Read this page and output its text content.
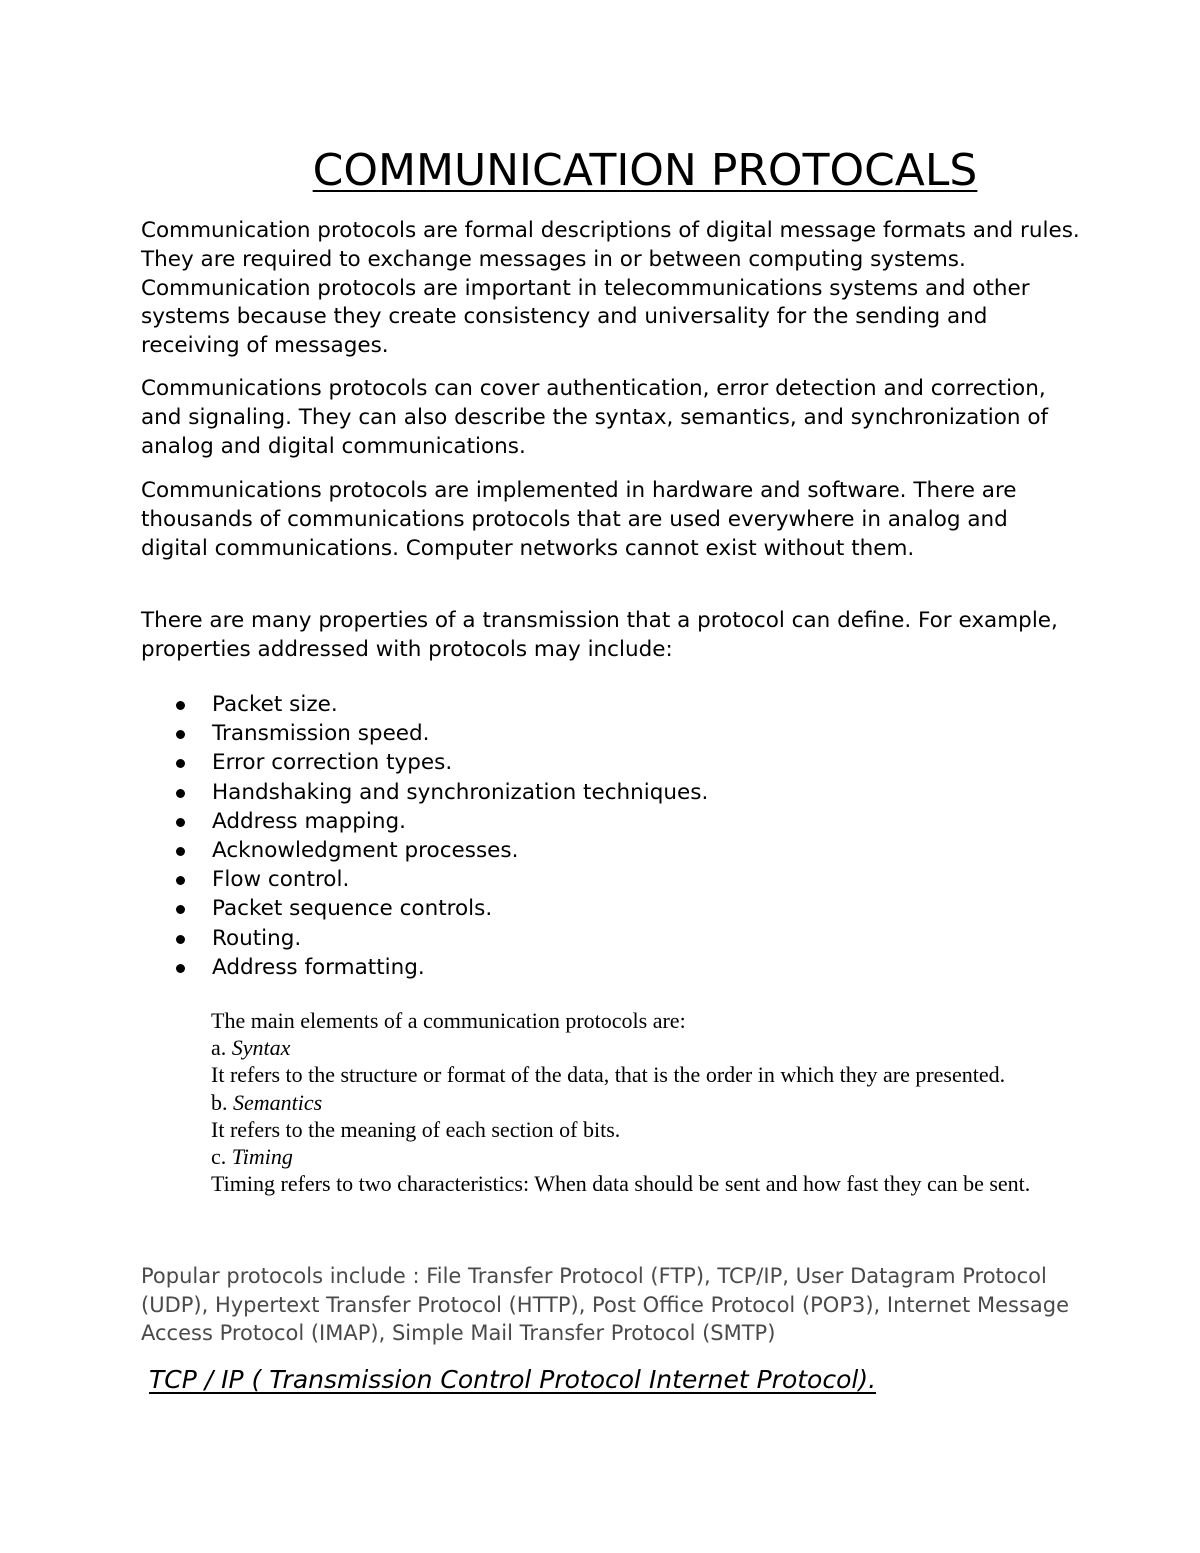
COMMUNICATION PROTOCALS

Communication protocols are formal descriptions of digital message formats and rules. They are required to exchange messages in or between computing systems. Communication protocols are important in telecommunications systems and other systems because they create consistency and universality for the sending and receiving of messages.

Communications protocols can cover authentication, error detection and correction, and signaling. They can also describe the syntax, semantics, and synchronization of analog and digital communications.

Communications protocols are implemented in hardware and software. There are thousands of communications protocols that are used everywhere in analog and digital communications. Computer networks cannot exist without them.

There are many properties of a transmission that a protocol can define. For example, properties addressed with protocols may include:

Packet size.
Transmission speed.
Error correction types.
Handshaking and synchronization techniques.
Address mapping.
Acknowledgment processes.
Flow control.
Packet sequence controls.
Routing.
Address formatting.
The main elements of a communication protocols are:
a. Syntax
It refers to the structure or format of the data, that is the order in which they are presented.
b. Semantics
It refers to the meaning of each section of bits.
c. Timing
Timing refers to two characteristics: When data should be sent and how fast they can be sent.

Popular protocols include : File Transfer Protocol (FTP), TCP/IP, User Datagram Protocol (UDP), Hypertext Transfer Protocol (HTTP), Post Office Protocol (POP3), Internet Message Access Protocol (IMAP), Simple Mail Transfer Protocol (SMTP)

TCP / IP ( Transmission Control Protocol Internet Protocol).
